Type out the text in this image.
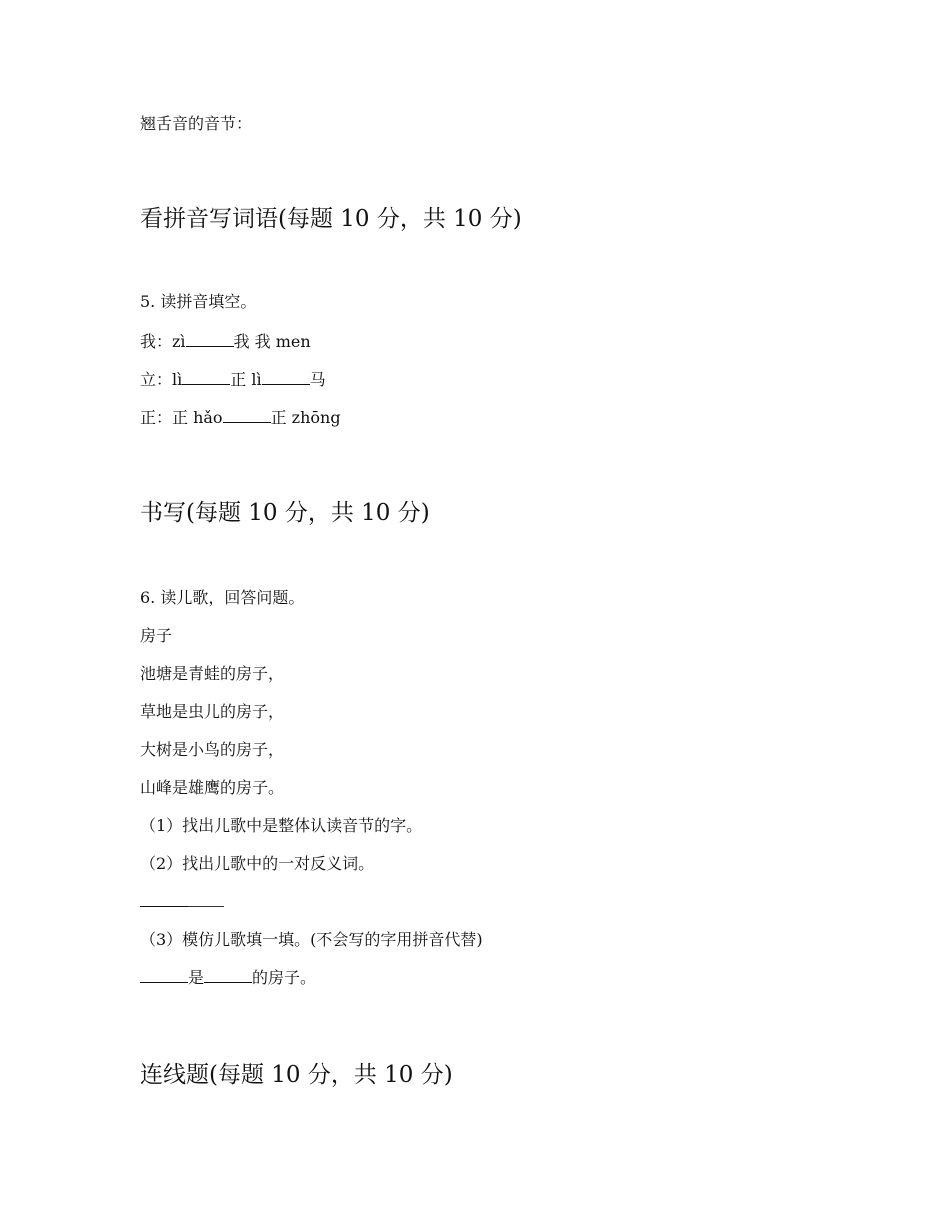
翘舌音的音节：
看拼音写词语(每题 10 分，共 10 分)
5. 读拼音填空。
我：zì	我 我 men
立：lì	正 lì	马
正：正 hǎo	正 zhōng
书写(每题 10 分，共 10 分)
6. 读儿歌，回答问题。
房子
池塘是青蛙的房子，
草地是虫儿的房子，
大树是小鸟的房子，
山峰是雄鹰的房子。
（1）找出儿歌中是整体认读音节的字。
（2）找出儿歌中的一对反义词。
（3）模仿儿歌填一填。(不会写的字用拼音代替)
是	的房子。
连线题(每题 10 分，共 10 分)
